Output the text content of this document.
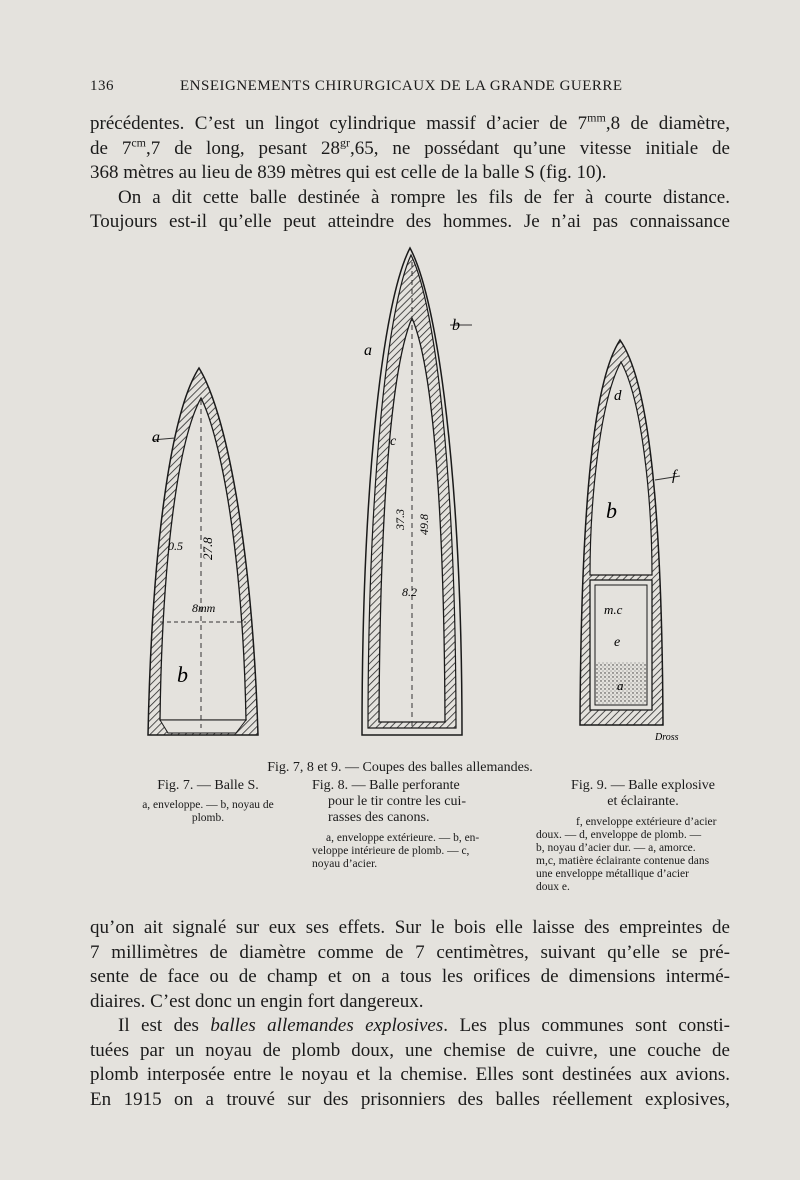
136	ENSEIGNEMENTS CHIRURGICAUX DE LA GRANDE GUERRE
précédentes. C’est un lingot cylindrique massif d’acier de $7^{mm},8$ de diamètre,
de $7^{cm},7$ de long, pesant $28^{gr},65$, ne possédant qu’une vitesse initiale de
368 mètres au lieu de 839 mètres qui est celle de la balle S (fig. 10).
On a dit cette balle destinée à rompre les fils de fer à courte distance.
Toujours est-il qu’elle peut atteindre des hommes. Je n’ai pas connaissance
a
0.5 27.8
8mm
b
b
a
c
37.3 49.8
8.2
d
f
b
m.c
e
a
Dross
Fig. 7, 8 et 9. — Coupes des balles allemandes.
Fig. 7. — Balle S.
a, enveloppe. — b, noyau de plomb.
Fig. 8. — Balle perforante
pour le tir contre les cui-
rasses des canons.
a, enveloppe extérieure. — b, en-
veloppe intérieure de plomb. — c,
noyau d’acier.
Fig. 9. — Balle explosive
et éclairante.
f, enveloppe extérieure d’acier
doux. — d, enveloppe de plomb. —
b, noyau d’acier dur. — a, amorce.
m,c, matière éclairante contenue dans
une enveloppe métallique d’acier
doux e.
qu’on ait signalé sur eux ses effets. Sur le bois elle laisse des empreintes de
7 millimètres de diamètre comme de 7 centimètres, suivant qu’elle se pré-
sente de face ou de champ et on a tous les orifices de dimensions intermé-
diaires. C’est donc un engin fort dangereux.
Il est des balles allemandes explosives. Les plus communes sont consti-
tuées par un noyau de plomb doux, une chemise de cuivre, une couche de
plomb interposée entre le noyau et la chemise. Elles sont destinées aux avions.
En 1915 on a trouvé sur des prisonniers des balles réellement explosives,
